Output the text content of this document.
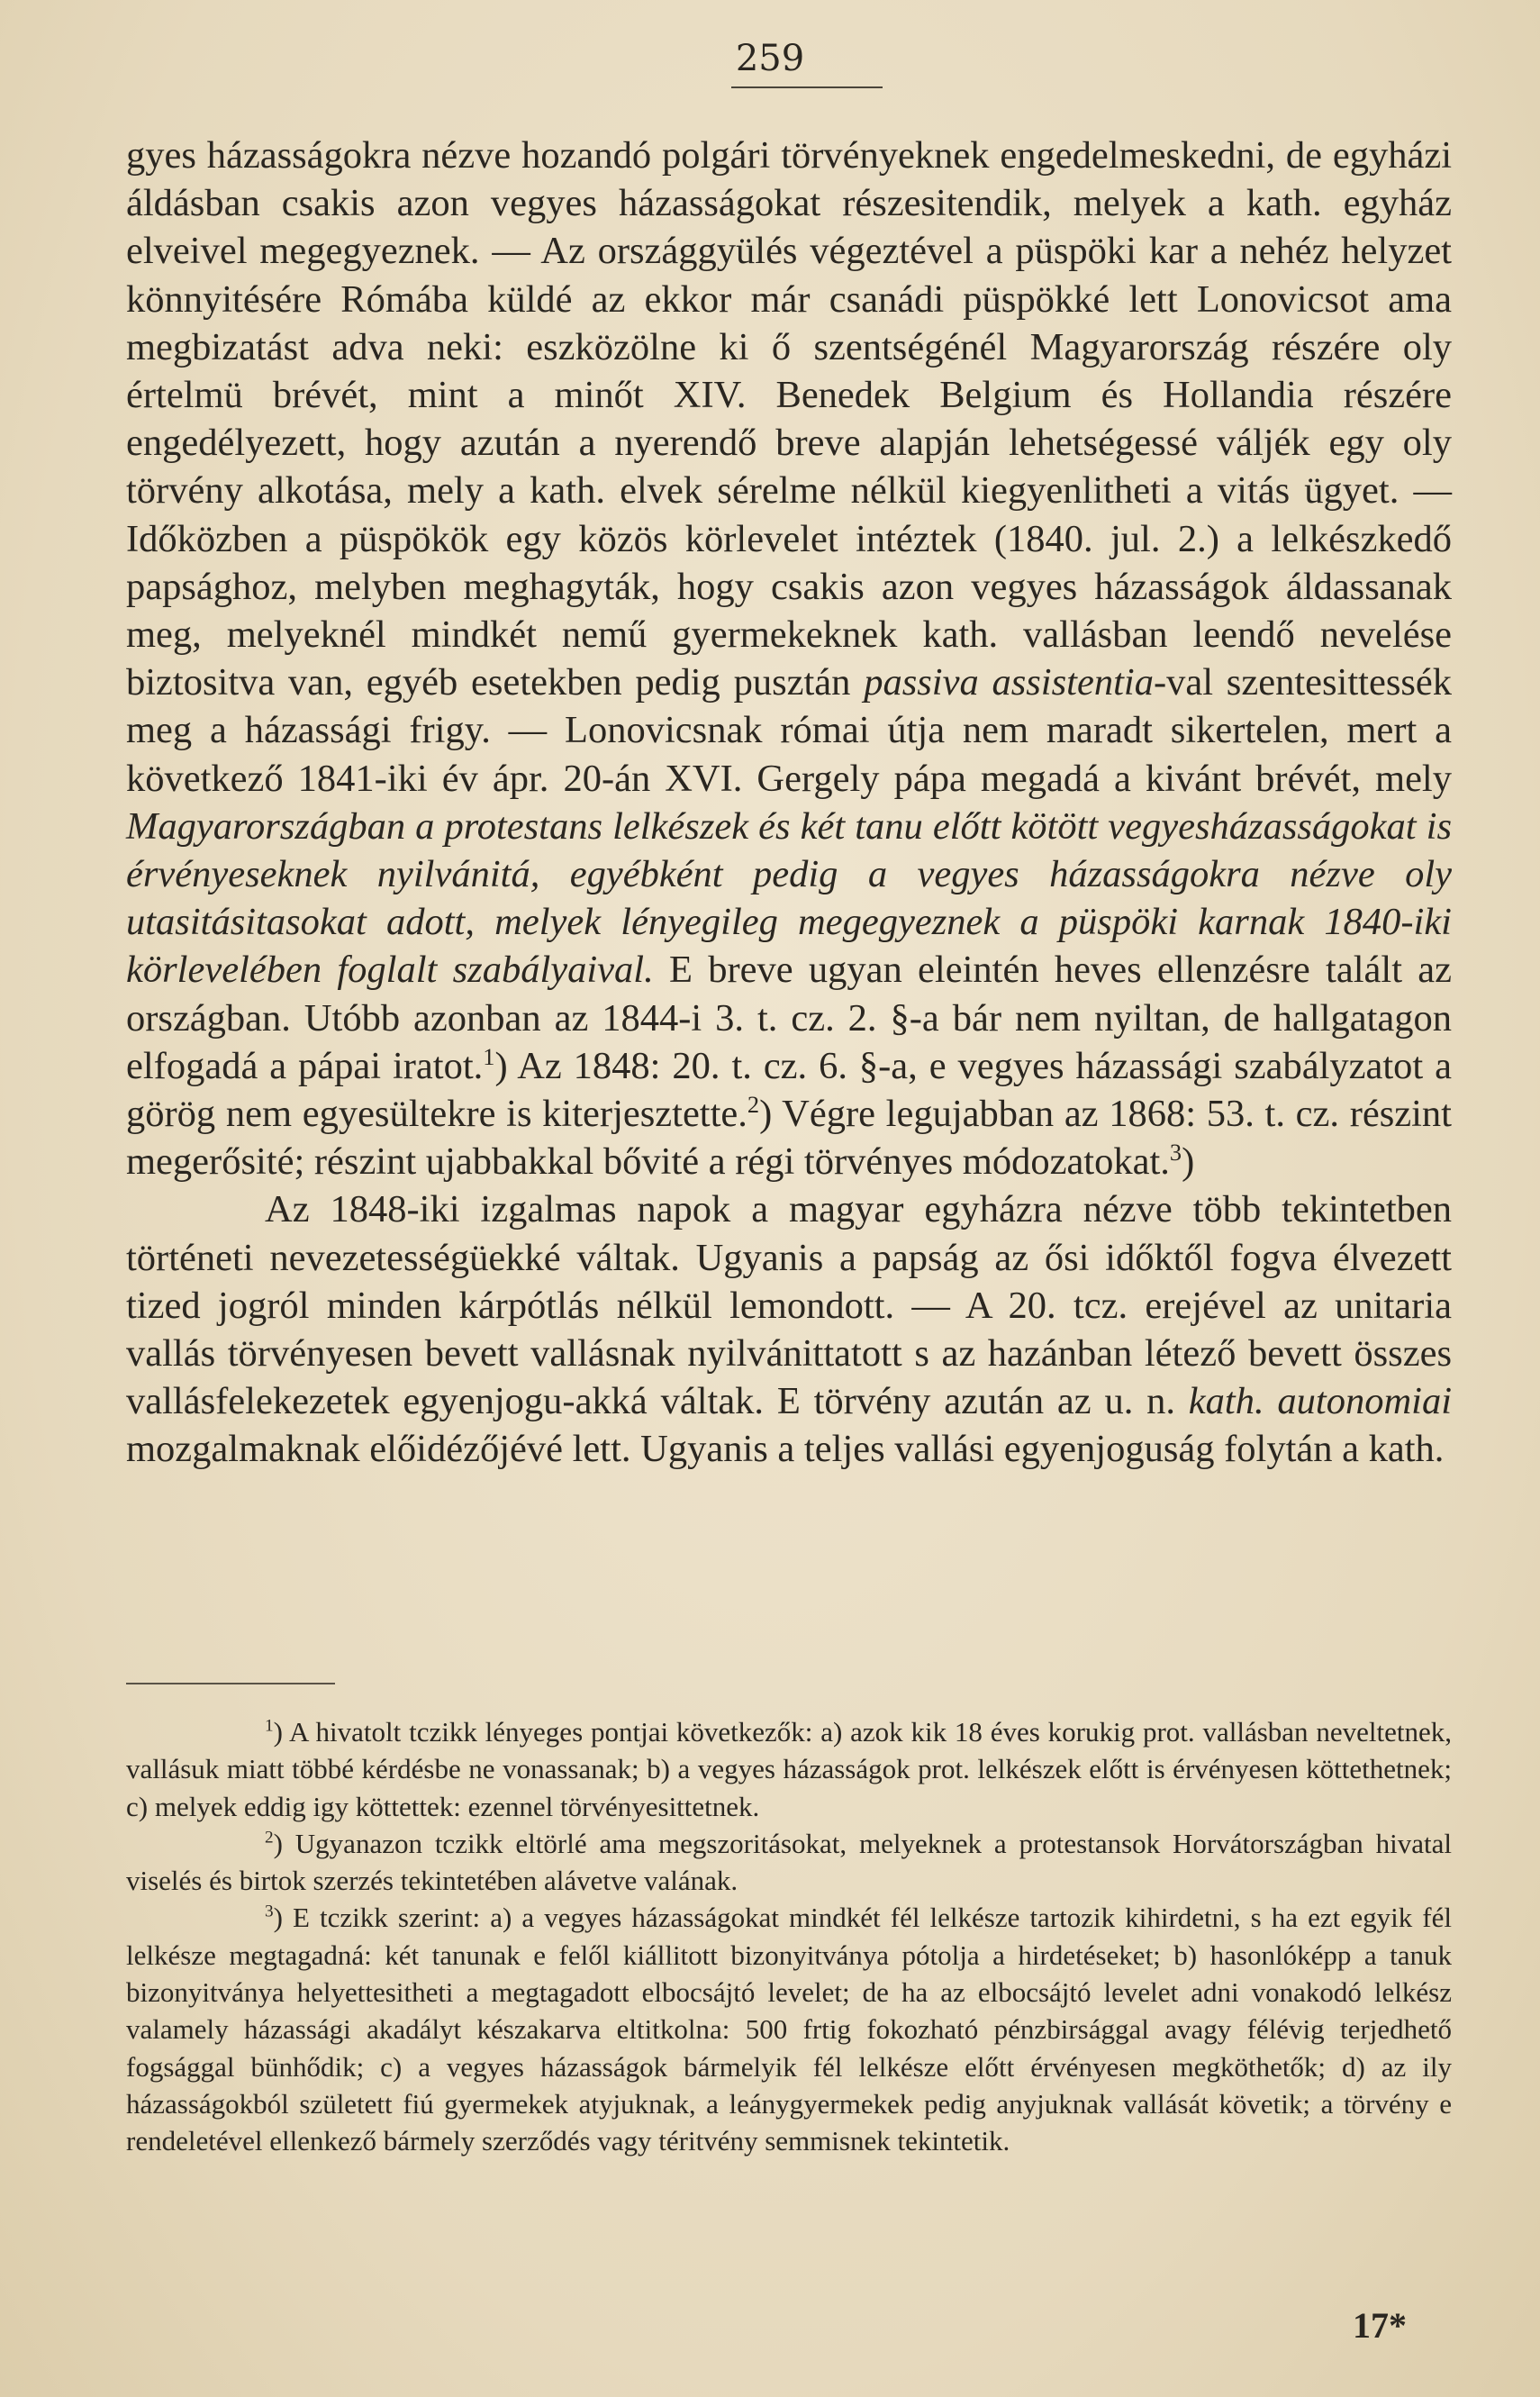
259

gyes házasságokra nézve hozandó polgári törvényeknek engedelmeskedni, de egyházi áldásban csakis azon vegyes házasságokat részesitendik, melyek a kath. egyház elveivel megegyeznek. — Az országgyülés végeztével a püspöki kar a nehéz helyzet könnyitésére Rómába küldé az ekkor már csanádi püspökké lett Lonovicsot ama megbizatást adva neki: eszközölne ki ő szentségénél Magyarország részére oly értelmü brévét, mint a minőt XIV. Benedek Belgium és Hollandia részére engedélyezett, hogy azután a nyerendő breve alapján lehetségessé váljék egy oly törvény alkotása, mely a kath. elvek sérelme nélkül kiegyenlitheti a vitás ügyet. — Időközben a püspökök egy közös körlevelet intéztek (1840. jul. 2.) a lelkészkedő papsághoz, melyben meghagyták, hogy csakis azon vegyes házasságok áldassanak meg, melyeknél mindkét nemű gyermekeknek kath. vallásban leendő nevelése biztositva van, egyéb esetekben pedig pusztán passiva assistentia-val szentesittessék meg a házassági frigy. — Lonovicsnak római útja nem maradt sikertelen, mert a következő 1841-iki év ápr. 20-án XVI. Gergely pápa megadá a kivánt brévét, mely Magyarországban a protestans lelkészek és két tanu előtt kötött vegyesházasságokat is érvényeseknek nyilvánitá, egyébként pedig a vegyes házasságokra nézve oly utasitásitasokat adott, melyek lényegileg megegyeznek a püspöki karnak 1840-iki körlevelében foglalt szabályaival. E breve ugyan eleintén heves ellenzésre talált az országban. Utóbb azonban az 1844-i 3. t. cz. 2. §-a bár nem nyiltan, de hallgatagon elfogadá a pápai iratot.$^1$) Az 1848: 20. t. cz. 6. §-a, e vegyes házassági szabályzatot a görög nem egyesültekre is kiterjesztette.$^2$) Végre legujabban az 1868: 53. t. cz. részint megerősité; részint ujabbakkal bővité a régi törvényes módozatokat.$^3$)

Az 1848-iki izgalmas napok a magyar egyházra nézve több tekintetben történeti nevezetességüekké váltak. Ugyanis a papság az ősi időktől fogva élvezett tized jogról minden kárpótlás nélkül lemondott. — A 20. tcz. erejével az unitaria vallás törvényesen bevett vallásnak nyilvánittatott s az hazánban létező bevett összes vallásfelekezetek egyenjogu-akká váltak. E törvény azután az u. n. kath. autonomiai mozgalmaknak előidézőjévé lett. Ugyanis a teljes vallási egyenjoguság folytán a kath.

$^1$) A hivatolt tczikk lényeges pontjai következők: a) azok kik 18 éves korukig prot. vallásban neveltetnek, vallásuk miatt többé kérdésbe ne vonassanak; b) a vegyes házasságok prot. lelkészek előtt is érvényesen köttethetnek; c) melyek eddig igy köttettek: ezennel törvényesittetnek.

$^2$) Ugyanazon tczikk eltörlé ama megszoritásokat, melyeknek a protestansok Horvátországban hivatal viselés és birtok szerzés tekintetében alávetve valának.

$^3$) E tczikk szerint: a) a vegyes házasságokat mindkét fél lelkésze tartozik kihirdetni, s ha ezt egyik fél lelkésze megtagadná: két tanunak e felől kiállitott bizonyitványa pótolja a hirdetéseket; b) hasonlóképp a tanuk bizonyitványa helyettesitheti a megtagadott elbocsájtó levelet; de ha az elbocsájtó levelet adni vonakodó lelkész valamely házassági akadályt készakarva eltitkolna: 500 frtig fokozható pénzbirsággal avagy félévig terjedhető fogsággal bünhődik; c) a vegyes házasságok bármelyik fél lelkésze előtt érvényesen megköthetők; d) az ily házasságokból született fiú gyermekek atyjuknak, a leánygyermekek pedig anyjuknak vallását követik; a törvény e rendeletével ellenkező bármely szerződés vagy téritvény semmisnek tekintetik.

17*
